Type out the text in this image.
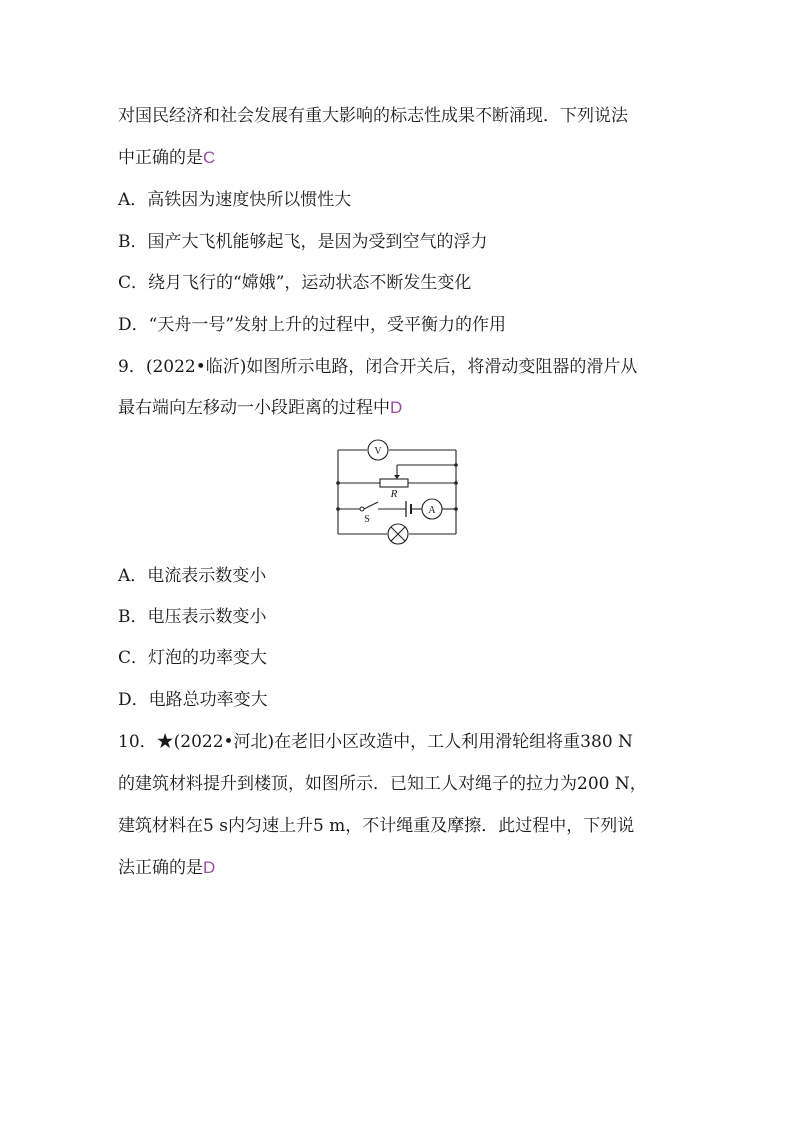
对国民经济和社会发展有重大影响的标志性成果不断涌现．下列说法
中正确的是C
A．高铁因为速度快所以惯性大
B．国产大飞机能够起飞，是因为受到空气的浮力
C．绕月飞行的“嫦娥”，运动状态不断发生变化
D．“天舟一号”发射上升的过程中，受平衡力的作用
9．(2022•临沂)如图所示电路，闭合开关后，将滑动变阻器的滑片从
最右端向左移动一小段距离的过程中D
V
A
R
S
A．电流表示数变小
B．电压表示数变小
C．灯泡的功率变大
D．电路总功率变大
10．★(2022•河北)在老旧小区改造中，工人利用滑轮组将重380 N
的建筑材料提升到楼顶，如图所示．已知工人对绳子的拉力为200 N，
建筑材料在5 s内匀速上升5 m，不计绳重及摩擦．此过程中，下列说
法正确的是D
